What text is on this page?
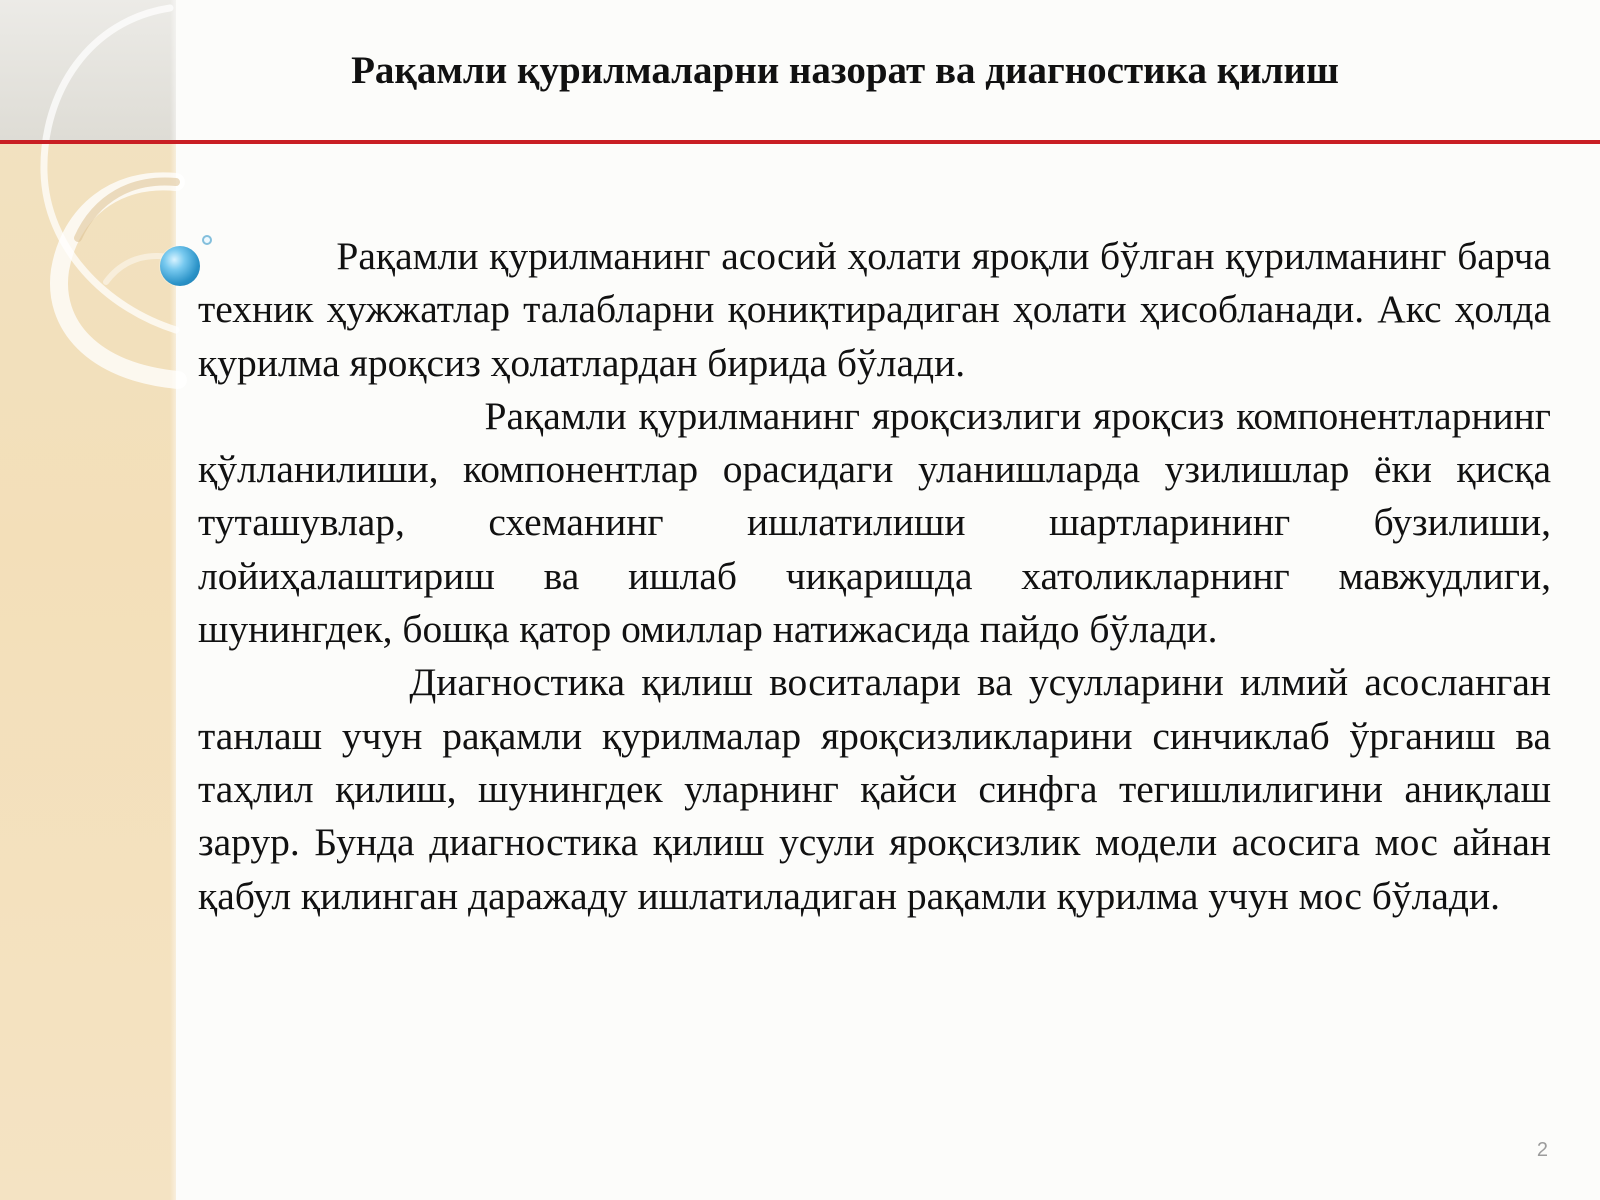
Рақамли қурилмаларни назорат ва диагностика қилиш

Рақамли қурилманинг асосий ҳолати яроқли бўлган қурилманинг барча техник ҳужжатлар талабларни қониқтирадиган ҳолати ҳисобланади. Акс ҳолда қурилма яроқсиз ҳолатлардан бирида бўлади.

Рақамли қурилманинг яроқсизлиги яроқсиз компонентларнинг қўлланилиши, компонентлар орасидаги уланишларда узилишлар ёки қисқа туташувлар, схеманинг ишлатилиши шартларининг бузилиши, лойиҳалаштириш ва ишлаб чиқаришда хатоликларнинг мавжудлиги, шунингдек, бошқа қатор омиллар натижасида пайдо бўлади.

Диагностика қилиш воситалари ва усулларини илмий асосланган танлаш учун рақамли қурилмалар яроқсизликларини синчиклаб ўрганиш ва таҳлил қилиш, шунингдек уларнинг қайси синфга тегишлилигини аниқлаш зарур. Бунда диагностика қилиш усули яроқсизлик модели асосига мос айнан қабул қилинган даражаду ишлатиладиган рақамли қурилма учун мос бўлади.

2
